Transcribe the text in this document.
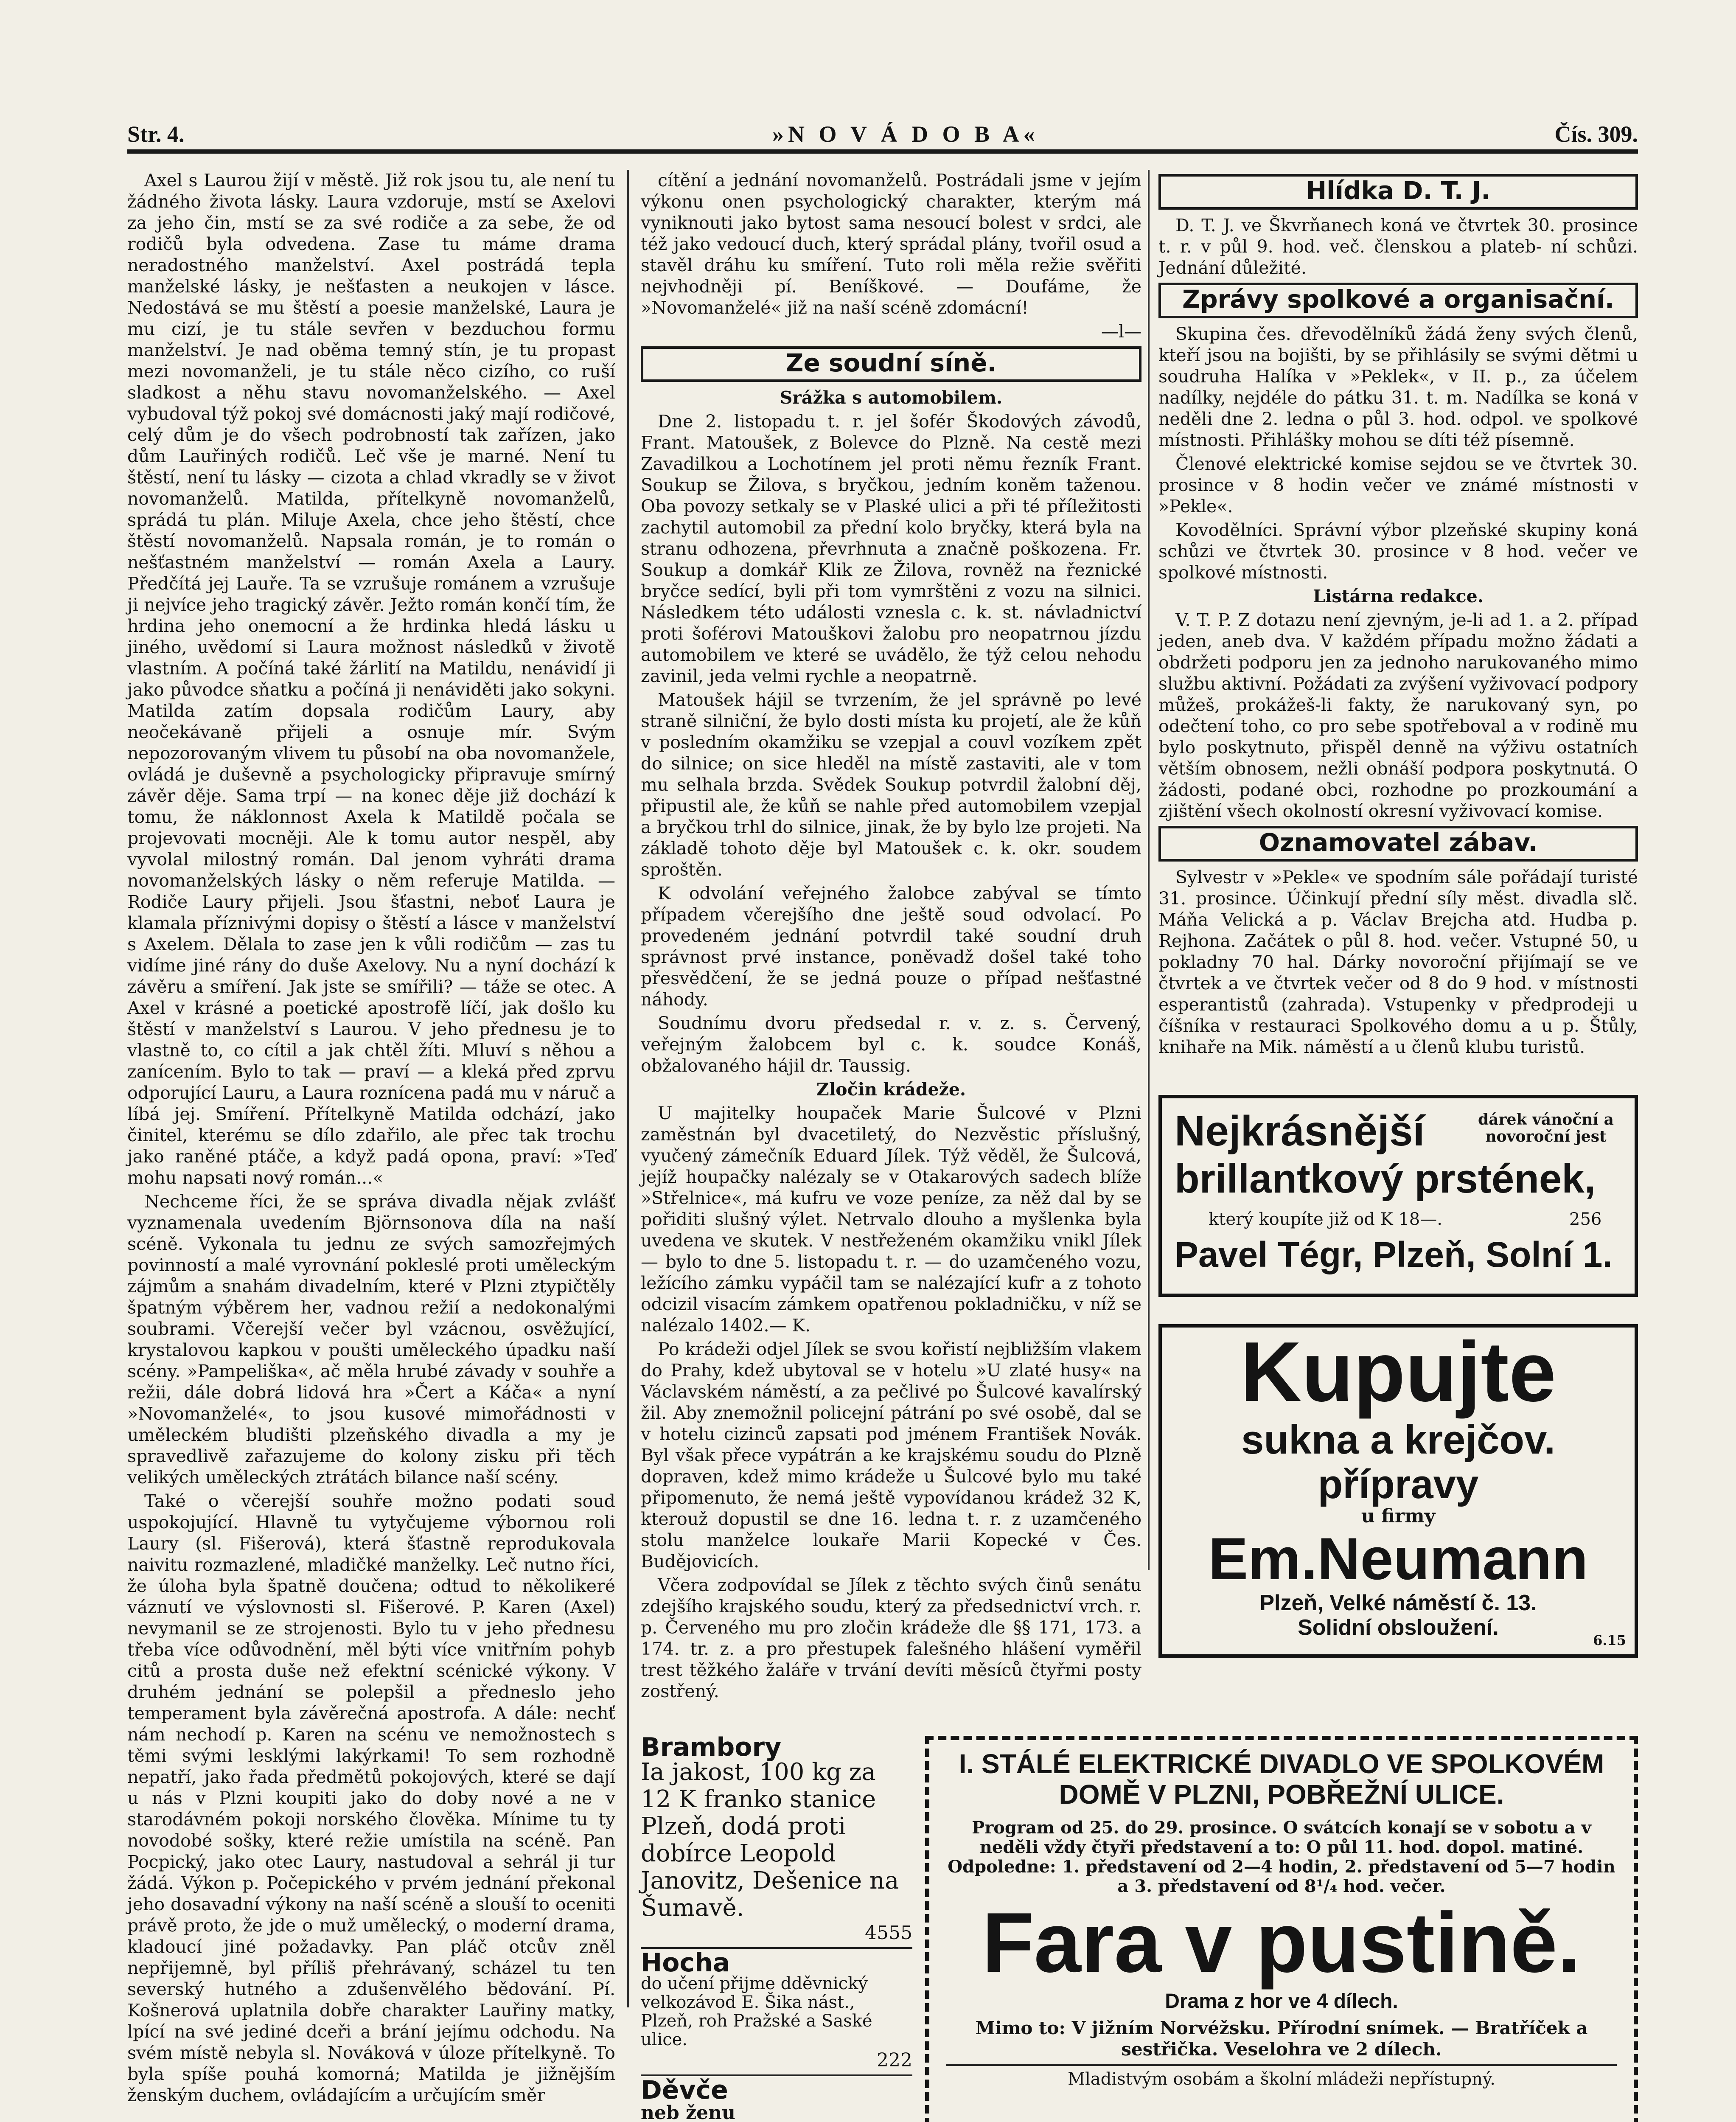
Str. 4.	»N O V Á D O B A«	Čís. 309.

Axel s Laurou žijí v městě. Již rok jsou tu, ale není tu žádného života lásky. Laura vzdoruje, mstí se Axelovi za jeho čin, mstí se za své rodiče a za sebe, že od rodičů byla odvedena. Zase tu máme drama neradostného manželství. Axel postrádá tepla manželské lásky, je nešťasten a neukojen v lásce. Nedostává se mu štěstí a poesie manželské, Laura je mu cizí, je tu stále sevřen v bezduchou formu manželství. Je nad oběma temný stín, je tu propast mezi novomanželi, je tu stále něco cizího, co ruší sladkost a něhu stavu novomanželského. — Axel vybudoval týž pokoj své domácnosti jaký mají rodičové, celý dům je do všech podrobností tak zařízen, jako dům Lauřiných rodičů. Leč vše je marné. Není tu štěstí, není tu lásky — cizota a chlad vkradly se v život novomanželů. Matilda, přítelkyně novomanželů, sprádá tu plán. Miluje Axela, chce jeho štěstí, chce štěstí novomanželů. Napsala román, je to román o nešťastném manželství — román Axela a Laury. Předčítá jej Lauře. Ta se vzrušuje románem a vzrušuje ji nejvíce jeho tragický závěr. Ježto román končí tím, že hrdina jeho onemocní a že hrdinka hledá lásku u jiného, uvědomí si Laura možnost následků v životě vlastním. A počíná také žárlití na Matildu, nenávidí ji jako původce sňatku a počíná ji nenáviděti jako sokyni. Matilda zatím dopsala rodičům Laury, aby neočekávaně přijeli a osnuje mír. Svým nepozorovaným vlivem tu působí na oba novomanžele, ovládá je duševně a psychologicky připravuje smírný závěr děje. Sama trpí — na konec děje již dochází k tomu, že náklonnost Axela k Matildě počala se projevovati mocněji. Ale k tomu autor nespěl, aby vyvolal milostný román. Dal jenom vyhráti drama novomanželských lásky o něm referuje Matilda. — Rodiče Laury přijeli. Jsou šťastni, neboť Laura je klamala příznivými dopisy o štěstí a lásce v manželství s Axelem. Dělala to zase jen k vůli rodičům — zas tu vidíme jiné rány do duše Axelovy. Nu a nyní dochází k závěru a smíření. Jak jste se smířili? — táže se otec. A Axel v krásné a poetické apostrofě líčí, jak došlo ku štěstí v manželství s Laurou. V jeho přednesu je to vlastně to, co cítil a jak chtěl žíti. Mluví s něhou a zanícením. Bylo to tak — praví — a kleká před zprvu odporující Lauru, a Laura roznícena padá mu v náruč a líbá jej. Smíření. Přítelkyně Matilda odchází, jako činitel, kterému se dílo zdařilo, ale přec tak trochu jako raněné ptáče, a když padá opona, praví: »Teď mohu napsati nový román...«

Nechceme říci, že se správa divadla nějak zvlášť vyznamenala uvedením Björnsonova díla na naší scéně. Vykonala tu jednu ze svých samozřejmých povinností a malé vyrovnání pokleslé proti uměleckým zájmům a snahám divadelním, které v Plzni ztypičtěly špatným výběrem her, vadnou režií a nedokonalými soubrami. Včerejší večer byl vzácnou, osvěžující, krystalovou kapkou v poušti uměleckého úpadku naší scény. »Pampeliška«, ač měla hrubé závady v souhře a režii, dále dobrá lidová hra »Čert a Káča« a nyní »Novomanželé«, to jsou kusové mimořádnosti v uměleckém bludišti plzeňského divadla a my je spravedlivě zařazujeme do kolony zisku při těch velikých uměleckých ztrátách bilance naší scény.

Také o včerejší souhře možno podati soud uspokojující. Hlavně tu vytyčujeme výbornou roli Laury (sl. Fišerová), která šťastně reprodukovala naivitu rozmazlené, mladičké manželky. Leč nutno říci, že úloha byla špatně doučena; odtud to několikeré váznutí ve výslovnosti sl. Fišerové. P. Karen (Axel) nevymanil se ze strojenosti. Bylo tu v jeho přednesu třeba více odůvodnění, měl býti více vnitřním pohyb citů a prosta duše než efektní scénické výkony. V druhém jednání se polepšil a předneslo jeho temperament byla závěrečná apostrofa. A dále: nechť nám nechodí p. Karen na scénu ve nemožnostech s těmi svými lesklými lakýrkami! To sem rozhodně nepatří, jako řada předmětů pokojových, které se dají u nás v Plzni koupiti jako do doby nové a ne v starodávném pokoji norského člověka. Mínime tu ty novodobé sošky, které režie umístila na scéně. Pan Pocpický, jako otec Laury, nastudoval a sehrál ji tur žádá. Výkon p. Počepického v prvém jednání překonal jeho dosavadní výkony na naší scéně a slouší to oceniti právě proto, že jde o muž umělecký, o moderní drama, kladoucí jiné požadavky. Pan pláč otcův zněl nepřijemně, byl příliš přehrávaný, scházel tu ten severský hutného a zdušenvělého bědování. Pí. Košnerová uplatnila dobře charakter Lauřiny matky, lpící na své jediné dceři a brání jejímu odchodu. Na svém místě nebyla sl. Nováková v úloze přítelkyně. To byla spíše pouhá komorná; Matilda je jižnějším ženským duchem, ovládajícím a určujícím směr

cítění a jednání novomanželů. Postrádali jsme v jejím výkonu onen psychologický charakter, kterým má vyniknouti jako bytost sama nesoucí bolest v srdci, ale též jako vedoucí duch, který sprádal plány, tvořil osud a stavěl dráhu ku smíření. Tuto roli měla režie svěřiti nejvhodněji pí. Beníškové. — Doufáme, že »Novomanželé« již na naší scéně zdomácní!

—l—

Ze soudní síně.

Srážka s automobilem.

Dne 2. listopadu t. r. jel šofér Škodových závodů, Frant. Matoušek, z Bolevce do Plzně. Na cestě mezi Zavadilkou a Lochotínem jel proti němu řezník Frant. Soukup se Žilova, s bryčkou, jedním koněm taženou. Oba povozy setkaly se v Plaské ulici a při té příležitosti zachytil automobil za přední kolo bryčky, která byla na stranu odhozena, převrhnuta a značně poškozena. Fr. Soukup a domkář Klik ze Žilova, rovněž na řeznické bryčce sedící, byli při tom vymrštěni z vozu na silnici. Následkem této události vznesla c. k. st. návladnictví proti šoférovi Matouškovi žalobu pro neopatrnou jízdu automobilem ve které se uvádělo, že týž celou nehodu zavinil, jeda velmi rychle a neopatrně.

Matoušek hájil se tvrzením, že jel správně po levé straně silniční, že bylo dosti místa ku projetí, ale že kůň v posledním okamžiku se vzepjal a couvl vozíkem zpět do silnice; on sice hleděl na místě zastaviti, ale v tom mu selhala brzda. Svědek Soukup potvrdil žalobní děj, připustil ale, že kůň se nahle před automobilem vzepjal a bryčkou trhl do silnice, jinak, že by bylo lze projeti. Na základě tohoto děje byl Matoušek c. k. okr. soudem sproštěn.

K odvolání veřejného žalobce zabýval se tímto případem včerejšího dne ještě soud odvolací. Po provedeném jednání potvrdil také soudní druh správnost prvé instance, poněvadž došel také toho přesvědčení, že se jedná pouze o případ nešťastné náhody.

Soudnímu dvoru předsedal r. v. z. s. Červený, veřejným žalobcem byl c. k. soudce Konáš, obžalovaného hájil dr. Taussig.

Zločin krádeže.

U majitelky houpaček Marie Šulcové v Plzni zaměstnán byl dvacetiletý, do Nezvěstic příslušný, vyučený zámečník Eduard Jílek. Týž věděl, že Šulcová, jejíž houpačky nalézaly se v Otakarových sadech blíže »Střelnice«, má kufru ve voze peníze, za něž dal by se pořiditi slušný výlet. Netrvalo dlouho a myšlenka byla uvedena ve skutek. V nestřeženém okamžiku vnikl Jílek — bylo to dne 5. listopadu t. r. — do uzamčeného vozu, ležícího zámku vypáčil tam se nalézající kufr a z tohoto odcizil visacím zámkem opatřenou pokladničku, v níž se nalézalo 1402.— K.

Po krádeži odjel Jílek se svou kořistí nejbližším vlakem do Prahy, kdež ubytoval se v hotelu »U zlaté husy« na Václavském náměstí, a za pečlivé po Šulcové kavalírský žil. Aby znemožnil policejní pátrání po své osobě, dal se v hotelu cizinců zapsati pod jménem František Novák. Byl však přece vypátrán a ke krajskému soudu do Plzně dopraven, kdež mimo krádeže u Šulcové bylo mu také připomenuto, že nemá ještě vypovídanou krádež 32 K, kterouž dopustil se dne 16. ledna t. r. z uzamčeného stolu manželce loukaře Marii Kopecké v Čes. Budějovicích.

Včera zodpovídal se Jílek z těchto svých činů senátu zdejšího krajského soudu, který za předsednictví vrch. r. p. Červeného mu pro zločin krádeže dle §§ 171, 173. a 174. tr. z. a pro přestupek falešného hlášení vyměřil trest těžkého žaláře v trvání devíti měsíců čtyřmi posty zostřený.

Hlídka D. T. J.

D. T. J. ve Škvrňanech koná ve čtvrtek 30. prosince t. r. v půl 9. hod. več. členskou a plateb- ní schůzi. Jednání důležité.

Zprávy spolkové a organisační.

Skupina čes. dřevodělníků žádá ženy svých členů, kteří jsou na bojišti, by se přihlásily se svými dětmi u soudruha Halíka v »Peklek«, v II. p., za účelem nadílky, nejdéle do pátku 31. t. m. Nadílka se koná v neděli dne 2. ledna o půl 3. hod. odpol. ve spolkové místnosti. Přihlášky mohou se díti též písemně.

Členové elektrické komise sejdou se ve čtvrtek 30. prosince v 8 hodin večer ve známé místnosti v »Pekle«.

Kovodělníci. Správní výbor plzeňské skupiny koná schůzi ve čtvrtek 30. prosince v 8 hod. večer ve spolkové místnosti.

Listárna redakce.

V. T. P. Z dotazu není zjevným, je-li ad 1. a 2. případ jeden, aneb dva. V každém případu možno žádati a obdržeti podporu jen za jednoho narukovaného mimo službu aktivní. Požádati za zvýšení vyživovací podpory můžeš, prokážeš-li fakty, že narukovaný syn, po odečtení toho, co pro sebe spotřeboval a v rodině mu bylo poskytnuto, přispěl denně na výživu ostatních větším obnosem, nežli obnáší podpora poskytnutá. O žádosti, podané obci, rozhodne po prozkoumání a zjištění všech okolností okresní vyživovací komise.

Oznamovatel zábav.

Sylvestr v »Pekle« ve spodním sále pořádají turisté 31. prosince. Účinkují přední síly měst. divadla slč. Máňa Velická a p. Václav Brejcha atd. Hudba p. Rejhona. Začátek o půl 8. hod. večer. Vstupné 50, u pokladny 70 hal. Dárky novoroční přijímají se ve čtvrtek a ve čtvrtek večer od 8 do 9 hod. v místnosti esperantistů (zahrada). Vstupenky v předprodeji u číšníka v restauraci Spolkového domu a u p. Štůly, knihaře na Mik. náměstí a u členů klubu turistů.

Nejkrásnější	dárek vánoční a novoroční jest
brillantkový prstének,
který koupíte již od K 18—.	256
Pavel Tégr, Plzeň, Solní 1.
Kupujte
sukna a krejčov.
přípravy
u firmy
Em.Neumann
Plzeň, Velké náměstí č. 13.
Solidní obsloužení.
6.15
Brambory
Ia jakost, 100 kg za 12 K franko stanice Plzeň, dodá proti dobírce Leopold Janovitz, Dešenice na Šumavě.
4555
Hocha
do učení přijme dděvnický velkozávod E. Šika nást., Plzeň, roh Pražské a Saské ulice.
222
Děvče
neb ženu
I. STÁLÉ ELEKTRICKÉ DIVADLO VE SPOLKOVÉM DOMĚ V PLZNI, POBŘEŽNÍ ULICE.
Program od 25. do 29. prosince. O svátcích konají se v sobotu a v neděli vždy čtyři představení a to: O půl 11. hod. dopol. matiné. Odpoledne: 1. představení od 2—4 hodin, 2. představení od 5—7 hodin a 3. představení od 8¹/₄ hod. večer.
Fara v pustině.
Drama z hor ve 4 dílech.
Mimo to: V jižním Norvéžsku. Přírodní snímek. — Bratříček a sestřička. Veselohra ve 2 dílech.
Mladistvým osobám a školní mládeži nepřístupný.
